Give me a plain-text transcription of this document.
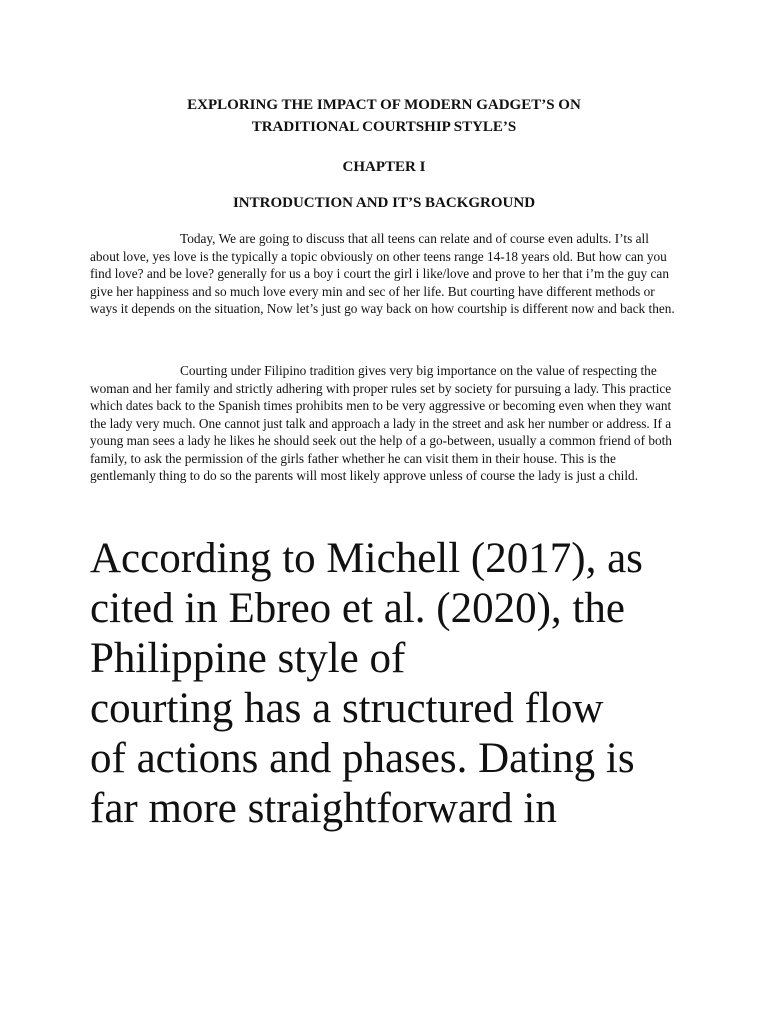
EXPLORING THE IMPACT OF MODERN GADGET’S ON
TRADITIONAL COURTSHIP STYLE’S
CHAPTER I
INTRODUCTION AND IT’S BACKGROUND

Today, We are going to discuss that all teens can relate and of course even adults. I’ts all about love, yes love is the typically a topic obviously on other teens range 14-18 years old. But how can you find love? and be love? generally for us a boy i court the girl i like/love and prove to her that i’m the guy can give her happiness and so much love every min and sec of her life. But courting have different methods or ways it depends on the situation, Now let’s just go way back on how courtship is different now and back then.

Courting under Filipino tradition gives very big importance on the value of respecting the woman and her family and strictly adhering with proper rules set by society for pursuing a lady. This practice which dates back to the Spanish times prohibits men to be very aggressive or becoming even when they want the lady very much. One cannot just talk and approach a lady in the street and ask her number or address. If a young man sees a lady he likes he should seek out the help of a go-between, usually a common friend of both family, to ask the permission of the girls father whether he can visit them in their house. This is the gentlemanly thing to do so the parents will most likely approve unless of course the lady is just a child.

According to Michell (2017), as
cited in Ebreo et al. (2020), the
Philippine style of
courting has a structured flow
of actions and phases. Dating is
far more straightforward in
